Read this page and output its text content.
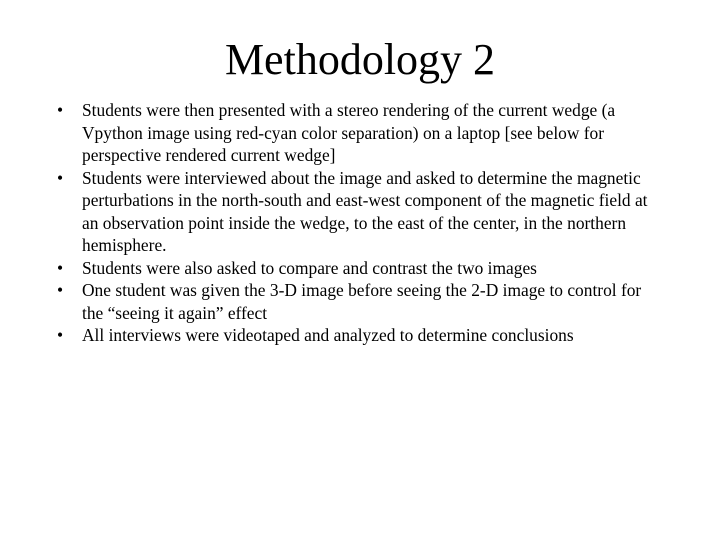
Methodology 2
• Students were then presented with a stereo rendering of the current wedge (a Vpython image using red-cyan color separation) on a laptop [see below for perspective rendered current wedge]
• Students were interviewed about the image and asked to determine the magnetic perturbations in the north-south and east-west component of the magnetic field at an observation point inside the wedge, to the east of the center, in the northern hemisphere.
• Students were also asked to compare and contrast the two images
• One student was given the 3-D image before seeing the 2-D image to control for the “seeing it again” effect
• All interviews were videotaped and analyzed to determine conclusions
